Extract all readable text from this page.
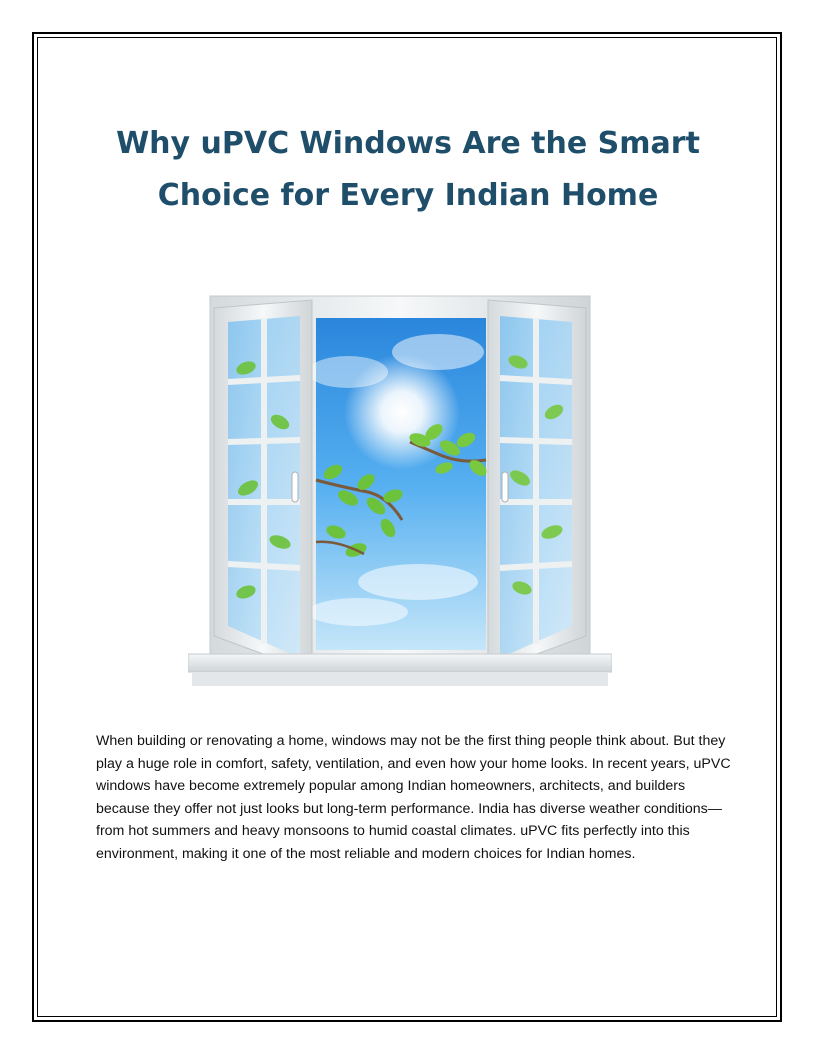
Why uPVC Windows Are the Smart
Choice for Every Indian Home

When building or renovating a home, windows may not be the first thing people think about. But they play a huge role in comfort, safety, ventilation, and even how your home looks. In recent years, uPVC windows have become extremely popular among Indian homeowners, architects, and builders because they offer not just looks but long-term performance. India has diverse weather conditions—from hot summers and heavy monsoons to humid coastal climates. uPVC fits perfectly into this environment, making it one of the most reliable and modern choices for Indian homes.
